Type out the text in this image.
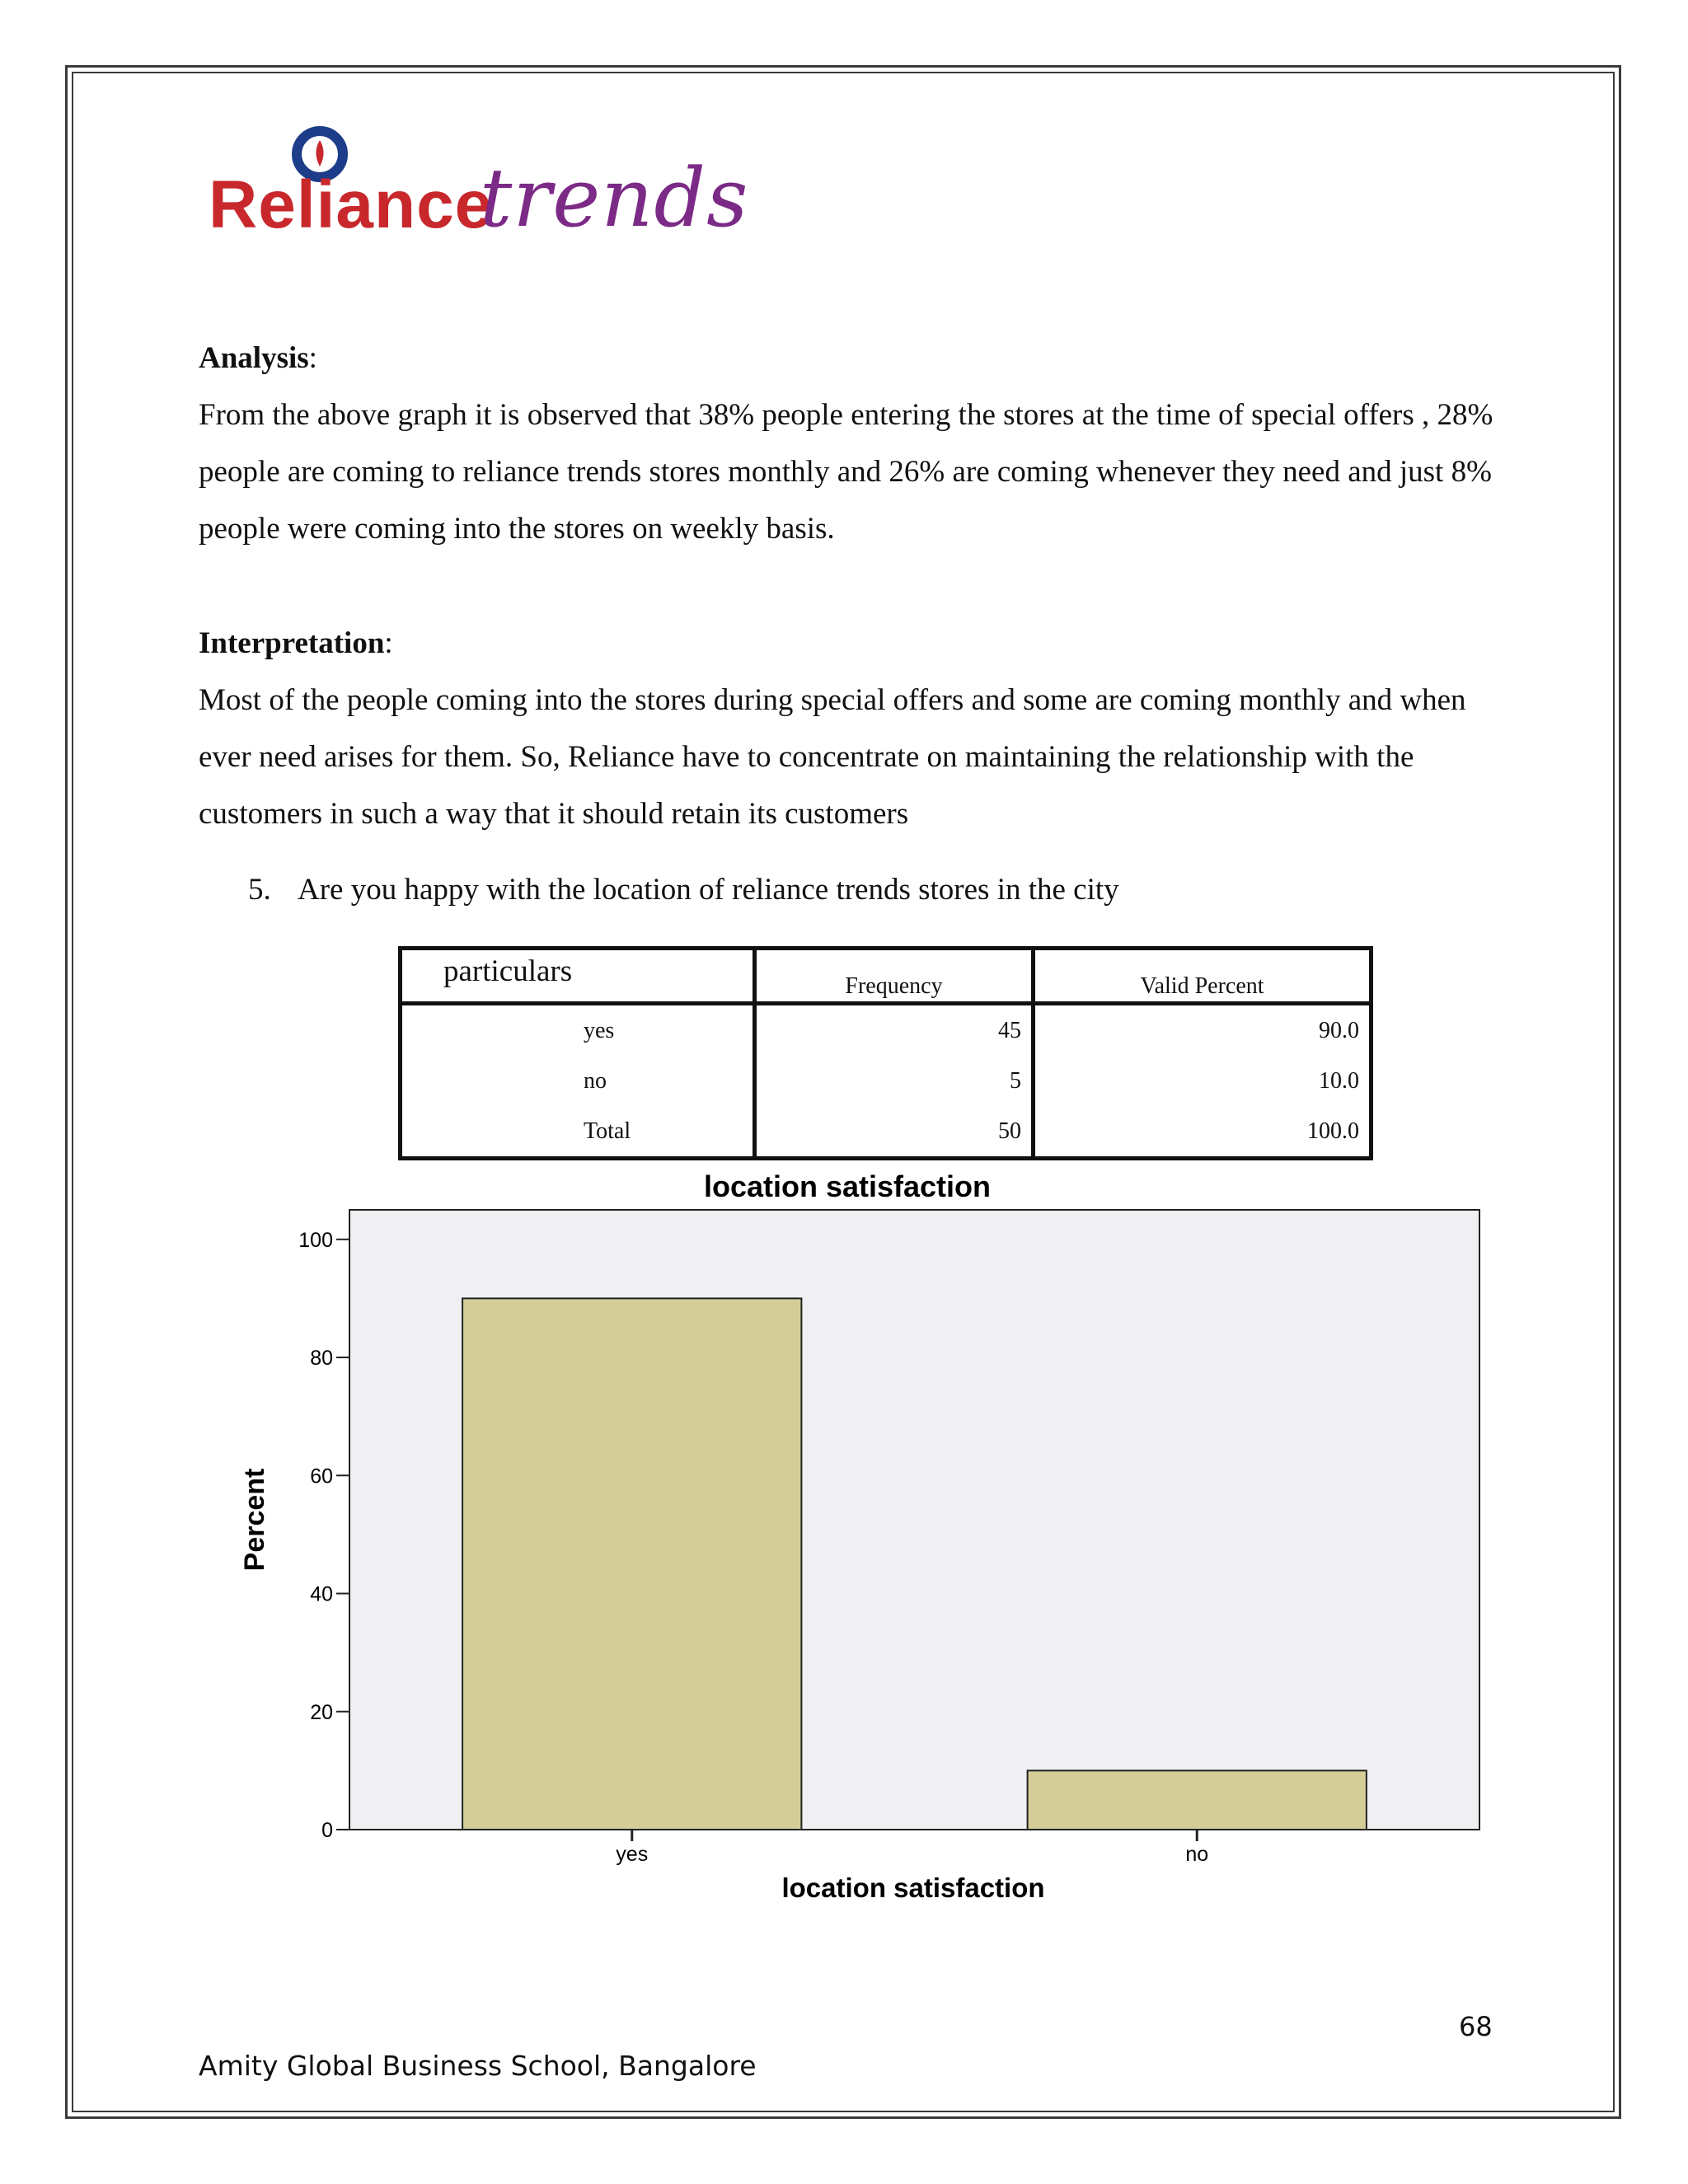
Reliance
trends
Analysis:
From the above graph it is observed that 38% people entering the stores at the time of special offers , 28% people are coming to reliance trends stores monthly and 26% are coming whenever they need and just 8% people were coming into the stores on weekly basis.
Interpretation:
Most of the people coming into the stores during special offers and some are coming monthly and when ever need arises for them. So, Reliance have to concentrate on maintaining the relationship with the customers in such a way that it should retain its customers
5. Are you happy with the location of reliance trends stores in the city
particulars	Frequency	Valid Percent
yes	45	90.0
no	5	10.0
Total	50	100.0
location satisfaction
0
20
40
60
80
100
yes	no
location satisfaction
Percent
68
Amity Global Business School, Bangalore
